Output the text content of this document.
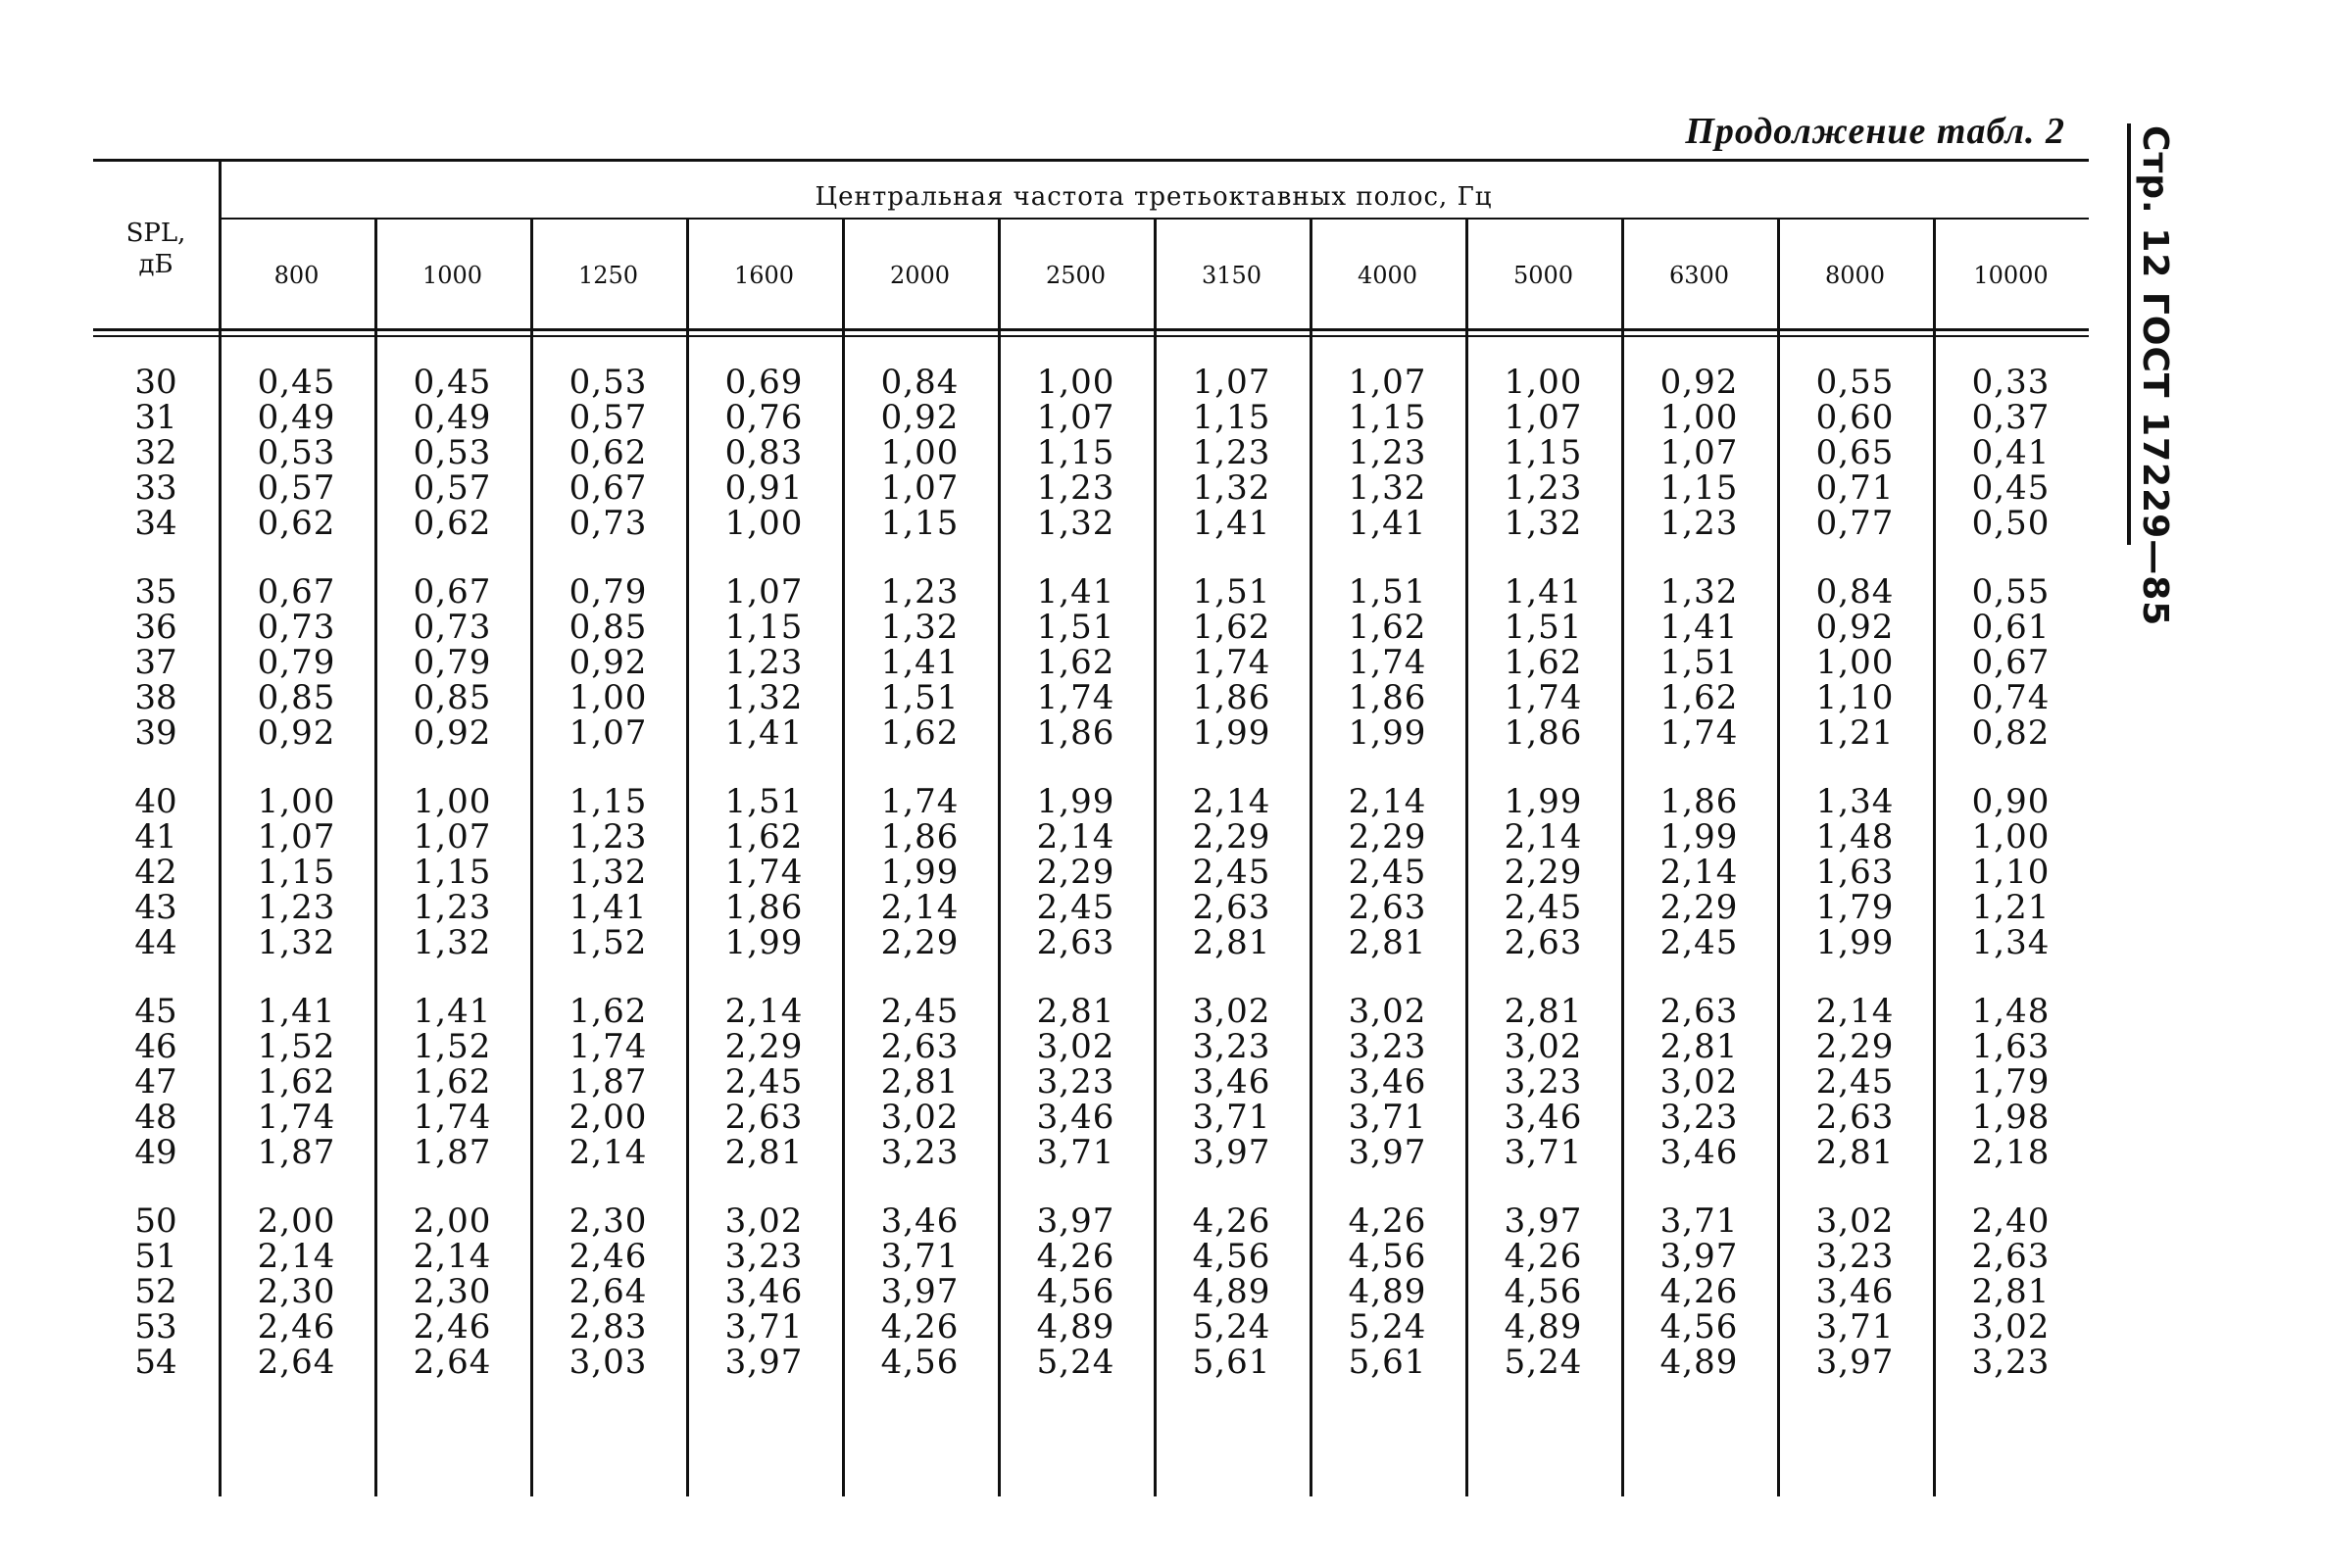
Продолжение табл. 2 Стр. 12 ГОСТ 17229—85
SPL,
дБ
Центральная частота третьоктавных полос, Гц
800	1000	1250	1600	2000	2500	3150	4000	5000	6300	8000	10000
30	0,45	0,45	0,53	0,69	0,84	1,00	1,07	1,07	1,00	0,92	0,55	0,33
31	0,49	0,49	0,57	0,76	0,92	1,07	1,15	1,15	1,07	1,00	0,60	0,37
32	0,53	0,53	0,62	0,83	1,00	1,15	1,23	1,23	1,15	1,07	0,65	0,41
33	0,57	0,57	0,67	0,91	1,07	1,23	1,32	1,32	1,23	1,15	0,71	0,45
34	0,62	0,62	0,73	1,00	1,15	1,32	1,41	1,41	1,32	1,23	0,77	0,50
35	0,67	0,67	0,79	1,07	1,23	1,41	1,51	1,51	1,41	1,32	0,84	0,55
36	0,73	0,73	0,85	1,15	1,32	1,51	1,62	1,62	1,51	1,41	0,92	0,61
37	0,79	0,79	0,92	1,23	1,41	1,62	1,74	1,74	1,62	1,51	1,00	0,67
38	0,85	0,85	1,00	1,32	1,51	1,74	1,86	1,86	1,74	1,62	1,10	0,74
39	0,92	0,92	1,07	1,41	1,62	1,86	1,99	1,99	1,86	1,74	1,21	0,82
40	1,00	1,00	1,15	1,51	1,74	1,99	2,14	2,14	1,99	1,86	1,34	0,90
41	1,07	1,07	1,23	1,62	1,86	2,14	2,29	2,29	2,14	1,99	1,48	1,00
42	1,15	1,15	1,32	1,74	1,99	2,29	2,45	2,45	2,29	2,14	1,63	1,10
43	1,23	1,23	1,41	1,86	2,14	2,45	2,63	2,63	2,45	2,29	1,79	1,21
44	1,32	1,32	1,52	1,99	2,29	2,63	2,81	2,81	2,63	2,45	1,99	1,34
45	1,41	1,41	1,62	2,14	2,45	2,81	3,02	3,02	2,81	2,63	2,14	1,48
46	1,52	1,52	1,74	2,29	2,63	3,02	3,23	3,23	3,02	2,81	2,29	1,63
47	1,62	1,62	1,87	2,45	2,81	3,23	3,46	3,46	3,23	3,02	2,45	1,79
48	1,74	1,74	2,00	2,63	3,02	3,46	3,71	3,71	3,46	3,23	2,63	1,98
49	1,87	1,87	2,14	2,81	3,23	3,71	3,97	3,97	3,71	3,46	2,81	2,18
50	2,00	2,00	2,30	3,02	3,46	3,97	4,26	4,26	3,97	3,71	3,02	2,40
51	2,14	2,14	2,46	3,23	3,71	4,26	4,56	4,56	4,26	3,97	3,23	2,63
52	2,30	2,30	2,64	3,46	3,97	4,56	4,89	4,89	4,56	4,26	3,46	2,81
53	2,46	2,46	2,83	3,71	4,26	4,89	5,24	5,24	4,89	4,56	3,71	3,02
54	2,64	2,64	3,03	3,97	4,56	5,24	5,61	5,61	5,24	4,89	3,97	3,23
